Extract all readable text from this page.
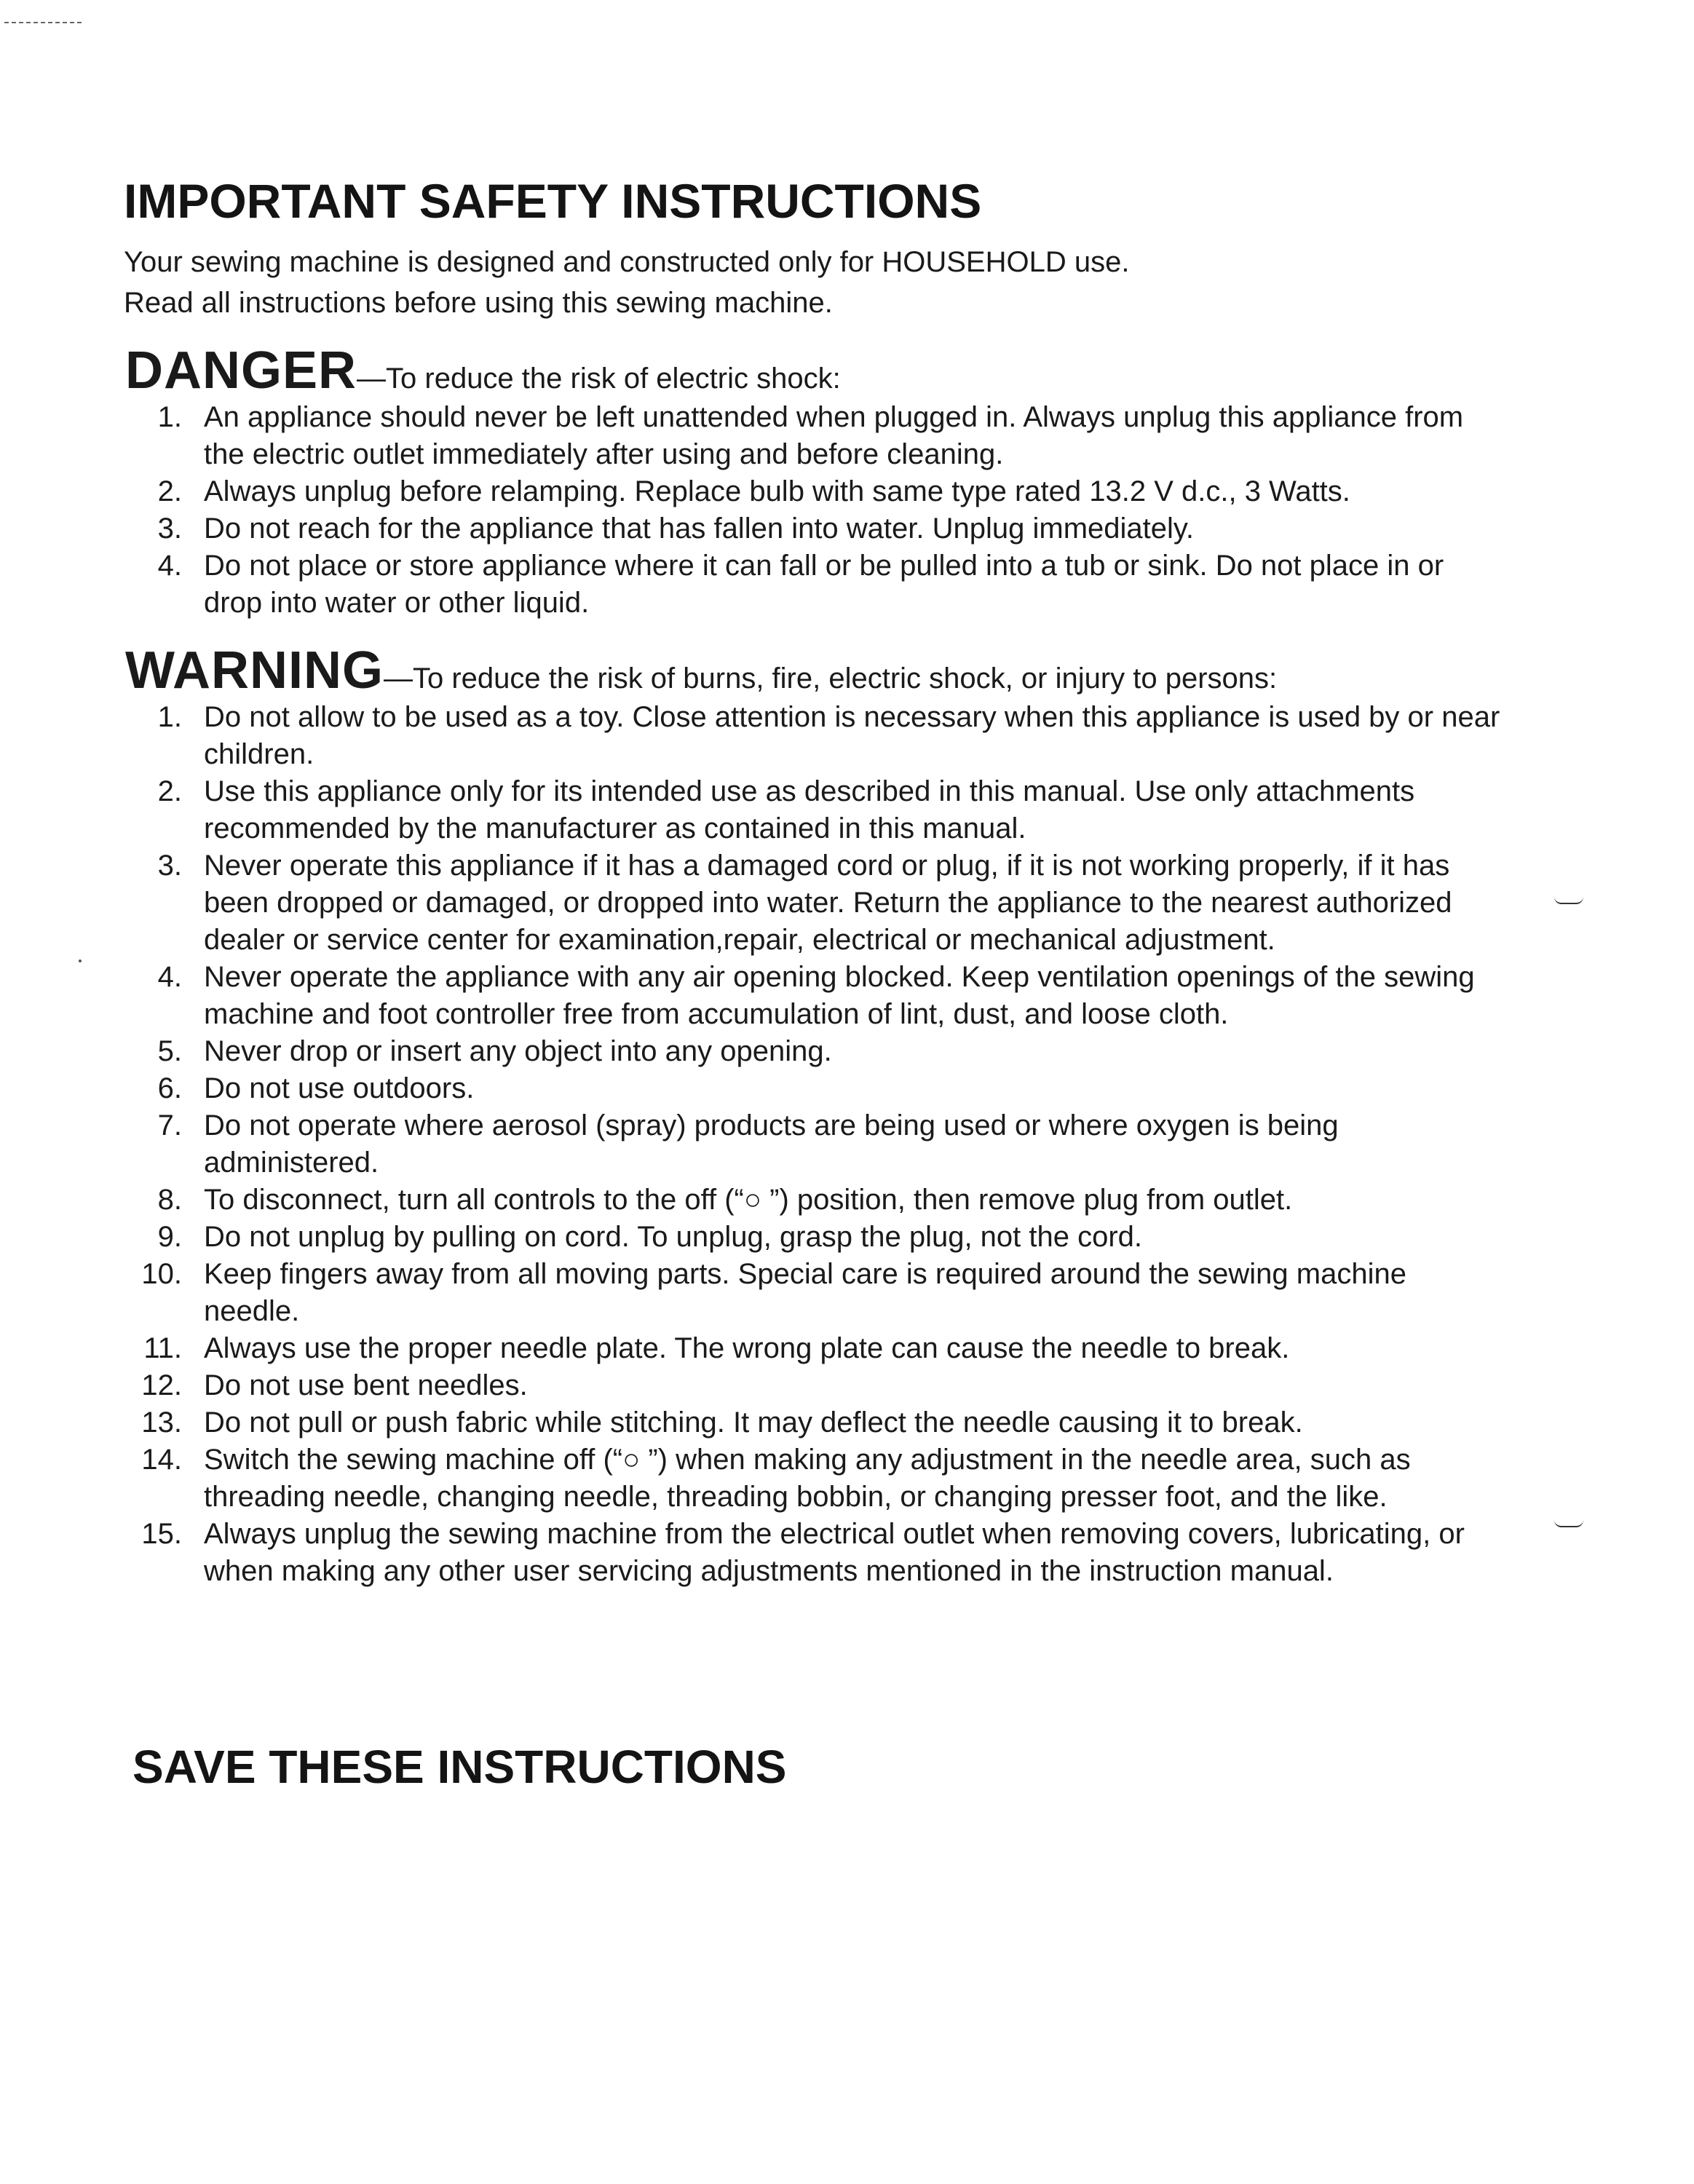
IMPORTANT SAFETY INSTRUCTIONS
Your sewing machine is designed and constructed only for HOUSEHOLD use.
Read all instructions before using this sewing machine.
DANGER—To reduce the risk of electric shock:
1. An appliance should never be left unattended when plugged in. Always unplug this appliance from the electric outlet immediately after using and before cleaning.
2. Always unplug before relamping. Replace bulb with same type rated 13.2 V d.c., 3 Watts.
3. Do not reach for the appliance that has fallen into water. Unplug immediately.
4. Do not place or store appliance where it can fall or be pulled into a tub or sink. Do not place in or drop into water or other liquid.
WARNING—To reduce the risk of burns, fire, electric shock, or injury to persons:
1. Do not allow to be used as a toy. Close attention is necessary when this appliance is used by or near children.
2. Use this appliance only for its intended use as described in this manual. Use only attachments recommended by the manufacturer as contained in this manual.
3. Never operate this appliance if it has a damaged cord or plug, if it is not working properly, if it has been dropped or damaged, or dropped into water. Return the appliance to the nearest authorized dealer or service center for examination,repair, electrical or mechanical adjustment.
4. Never operate the appliance with any air opening blocked. Keep ventilation openings of the sewing machine and foot controller free from accumulation of lint, dust, and loose cloth.
5. Never drop or insert any object into any opening.
6. Do not use outdoors.
7. Do not operate where aerosol (spray) products are being used or where oxygen is being administered.
8. To disconnect, turn all controls to the off (“○ ”) position, then remove plug from outlet.
9. Do not unplug by pulling on cord. To unplug, grasp the plug, not the cord.
10. Keep fingers away from all moving parts. Special care is required around the sewing machine needle.
11. Always use the proper needle plate. The wrong plate can cause the needle to break.
12. Do not use bent needles.
13. Do not pull or push fabric while stitching. It may deflect the needle causing it to break.
14. Switch the sewing machine off (“○ ”) when making any adjustment in the needle area, such as threading needle, changing needle, threading bobbin, or changing presser foot, and the like.
15. Always unplug the sewing machine from the electrical outlet when removing covers, lubricating, or when making any other user servicing adjustments mentioned in the instruction manual.
SAVE THESE INSTRUCTIONS
